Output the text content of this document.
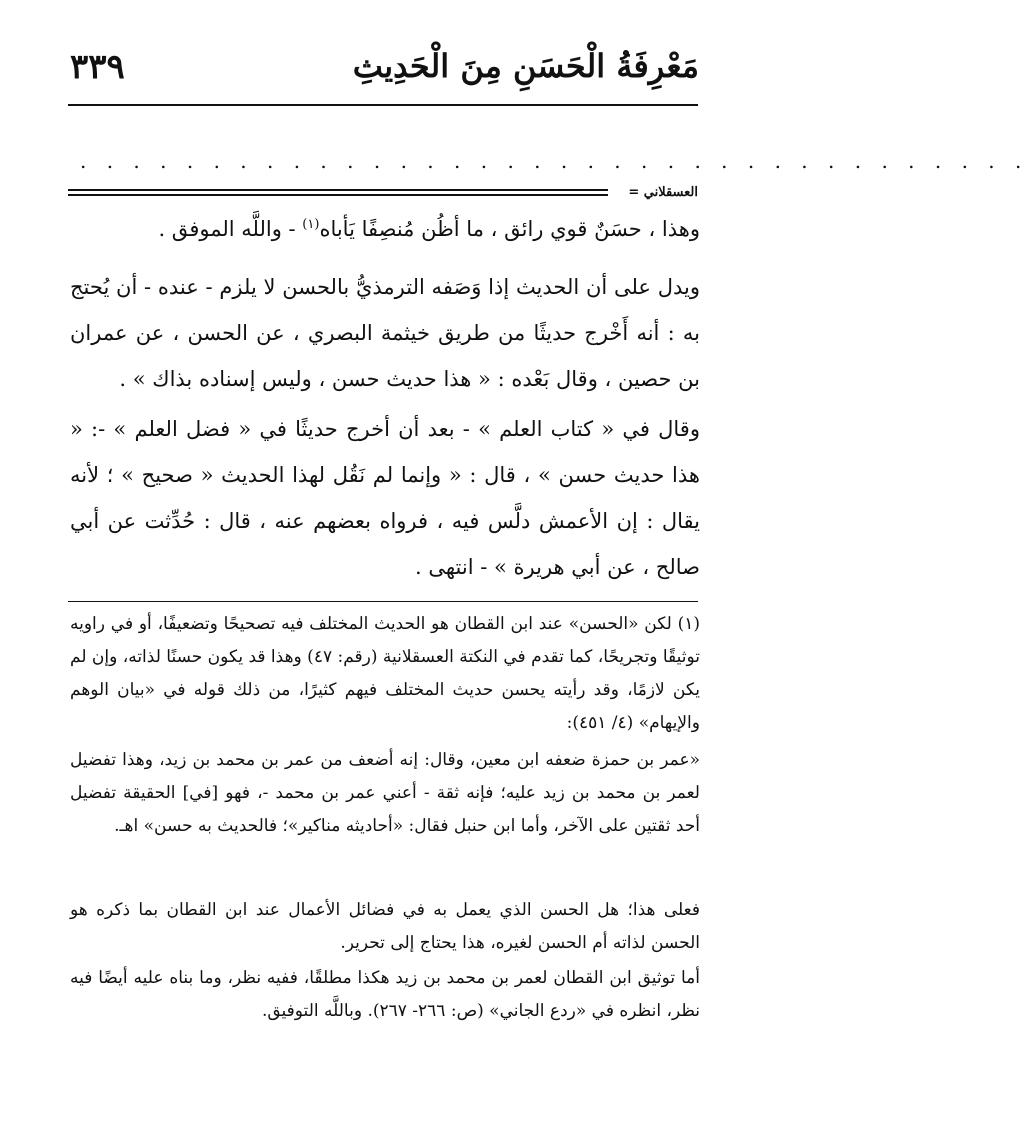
٣٣٩	مَعْرِفَةُ الْحَسَنِ مِنَ الْحَدِيثِ
. . . . . . . . . . . . . . . . . . . . . . . . . . . . . . . . . . . .
العسقلاني =

وهذا ، حسَنٌ قوي رائق ، ما أظُن مُنصِفًا يَأباه$^{(١)}$ - واللَّه الموفق .

ويدل على أن الحديث إذا وَصَفه الترمذيُّ بالحسن لا يلزم - عنده - أن يُحتج به : أنه أَخْرج حديثًا من طريق خيثمة البصري ، عن الحسن ، عن عمران بن حصين ، وقال بَعْده : « هذا حديث حسن ، وليس إسناده بذاك » .

وقال في « كتاب العلم » - بعد أن أخرج حديثًا في « فضل العلم » -: « هذا حديث حسن » ، قال : « وإنما لم نَقُل لهذا الحديث « صحيح » ؛ لأنه يقال : إن الأعمش دلَّس فيه ، فرواه بعضهم عنه ، قال : حُدِّثت عن أبي صالح ، عن أبي هريرة » - انتهى .

(١) لكن «الحسن» عند ابن القطان هو الحديث المختلف فيه تصحيحًا وتضعيفًا، أو في راويه توثيقًا وتجريحًا، كما تقدم في النكتة العسقلانية (رقم: ٤٧) وهذا قد يكون حسنًا لذاته، وإن لم يكن لازمًا، وقد رأيته يحسن حديث المختلف فيهم كثيرًا، من ذلك قوله في «بيان الوهم والإيهام» (٤/ ٤٥١):

«عمر بن حمزة ضعفه ابن معين، وقال: إنه أضعف من عمر بن محمد بن زيد، وهذا تفضيل لعمر بن محمد بن زيد عليه؛ فإنه ثقة - أعني عمر بن محمد -، فهو [في] الحقيقة تفضيل أحد ثقتين على الآخر، وأما ابن حنبل فقال: «أحاديثه مناكير»؛ فالحديث به حسن» اهـ.

فعلى هذا؛ هل الحسن الذي يعمل به في فضائل الأعمال عند ابن القطان بما ذكره هو الحسن لذاته أم الحسن لغيره، هذا يحتاج إلى تحرير.

أما توثيق ابن القطان لعمر بن محمد بن زيد هكذا مطلقًا، ففيه نظر، وما بناه عليه أيضًا فيه نظر، انظره في «ردع الجاني» (ص: ٢٦٦- ٢٦٧). وباللَّه التوفيق.
